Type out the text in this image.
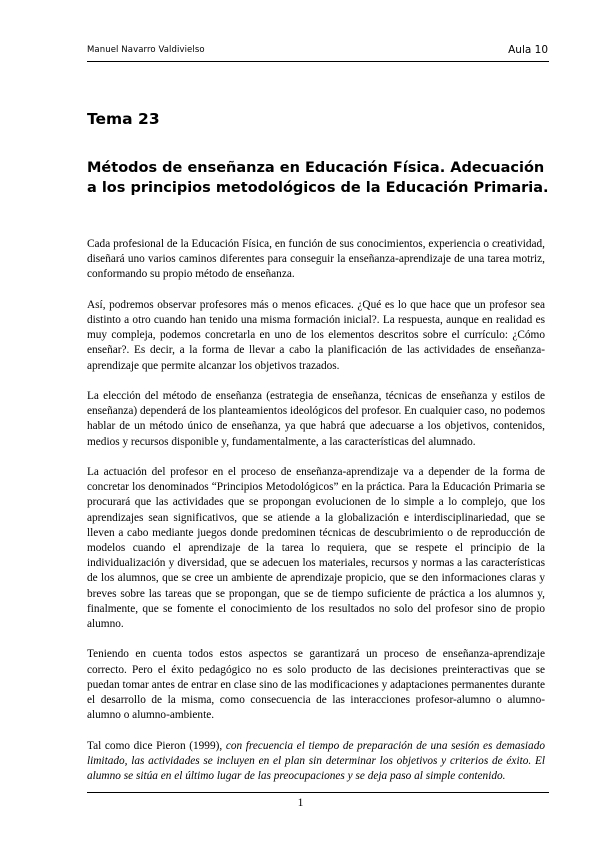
Manuel Navarro Valdivielso	Aula 10
Tema 23
Métodos de enseñanza en Educación Física. Adecuación a los principios metodológicos de la Educación Primaria.

Cada profesional de la Educación Física, en función de sus conocimientos, experiencia o creatividad, diseñará uno varios caminos diferentes para conseguir la enseñanza-aprendizaje de una tarea motriz, conformando su propio método de enseñanza.

Así, podremos observar profesores más o menos eficaces. ¿Qué es lo que hace que un profesor sea distinto a otro cuando han tenido una misma formación inicial?. La respuesta, aunque en realidad es muy compleja, podemos concretarla en uno de los elementos descritos sobre el currículo: ¿Cómo enseñar?. Es decir, a la forma de llevar a cabo la planificación de las actividades de enseñanza-aprendizaje que permite alcanzar los objetivos trazados.

La elección del método de enseñanza (estrategia de enseñanza, técnicas de enseñanza y estilos de enseñanza) dependerá de los planteamientos ideológicos del profesor. En cualquier caso, no podemos hablar de un método único de enseñanza, ya que habrá que adecuarse a los objetivos, contenidos, medios y recursos disponible y, fundamentalmente, a las características del alumnado.

La actuación del profesor en el proceso de enseñanza-aprendizaje va a depender de la forma de concretar los denominados “Principios Metodológicos” en la práctica. Para la Educación Primaria se procurará que las actividades que se propongan evolucionen de lo simple a lo complejo, que los aprendizajes sean significativos, que se atiende a la globalización e interdisciplinariedad, que se lleven a cabo mediante juegos donde predominen técnicas de descubrimiento o de reproducción de modelos cuando el aprendizaje de la tarea lo requiera, que se respete el principio de la individualización y diversidad, que se adecuen los materiales, recursos y normas a las características de los alumnos, que se cree un ambiente de aprendizaje propicio, que se den informaciones claras y breves sobre las tareas que se propongan, que se de tiempo suficiente de práctica a los alumnos y, finalmente, que se fomente el conocimiento de los resultados no solo del profesor sino de propio alumno.

Teniendo en cuenta todos estos aspectos se garantizará un proceso de enseñanza-aprendizaje correcto. Pero el éxito pedagógico no es solo producto de las decisiones preinteractivas que se puedan tomar antes de entrar en clase sino de las modificaciones y adaptaciones permanentes durante el desarrollo de la misma, como consecuencia de las interacciones profesor-alumno o alumno-alumno o alumno-ambiente.

Tal como dice Pieron (1999), con frecuencia el tiempo de preparación de una sesión es demasiado limitado, las actividades se incluyen en el plan sin determinar los objetivos y criterios de éxito. El alumno se sitúa en el último lugar de las preocupaciones y se deja paso al simple contenido.

1
